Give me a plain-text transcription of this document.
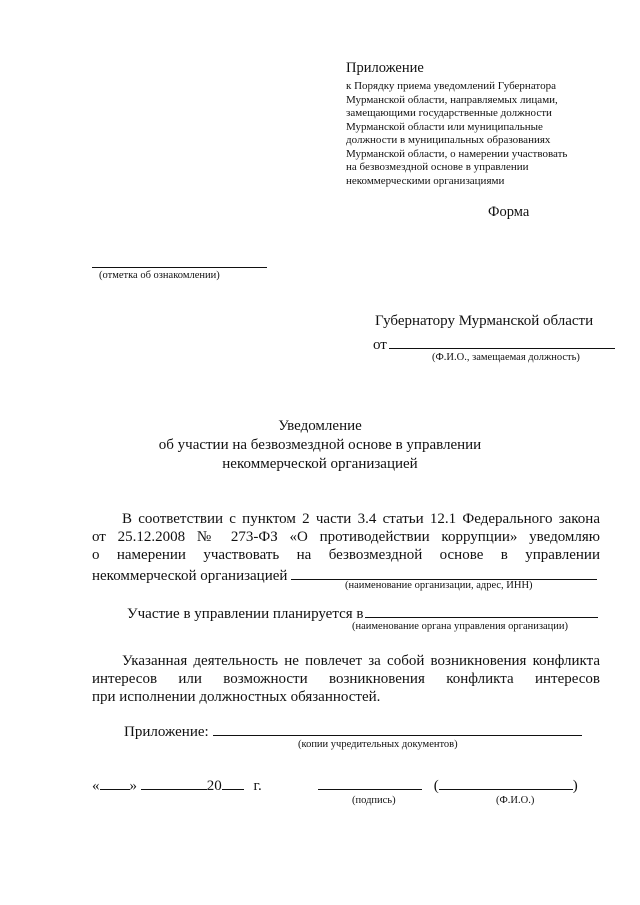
Приложение
к Порядку приема уведомлений Губернатора
Мурманской области, направляемых лицами,
замещающими государственные должности
Мурманской области или муниципальные
должности в муниципальных образованиях
Мурманской области, о намерении участвовать
на безвозмездной основе в управлении
некоммерческими организациями
Форма
(отметка об ознакомлении)
Губернатору Мурманской области
от
(Ф.И.О., замещаемая должность)
Уведомление
об участии на безвозмездной основе в управлении
некоммерческой организацией
В соответствии с пунктом 2 части 3.4 статьи 12.1 Федерального закона
от 25.12.2008 № 273-ФЗ «О противодействии коррупции» уведомляю
о намерении участвовать на безвозмездной основе в управлении
некоммерческой организацией
(наименование организации, адрес, ИНН)
Участие в управлении планируется в
(наименование органа управления организации)
Указанная деятельность не повлечет за собой возникновения конфликта
интересов или возможности возникновения конфликта интересов
при исполнении должностных обязанностей.
Приложение:
(копии учредительных документов)
« »	20 г.	(	)
(подпись)	(Ф.И.О.)
